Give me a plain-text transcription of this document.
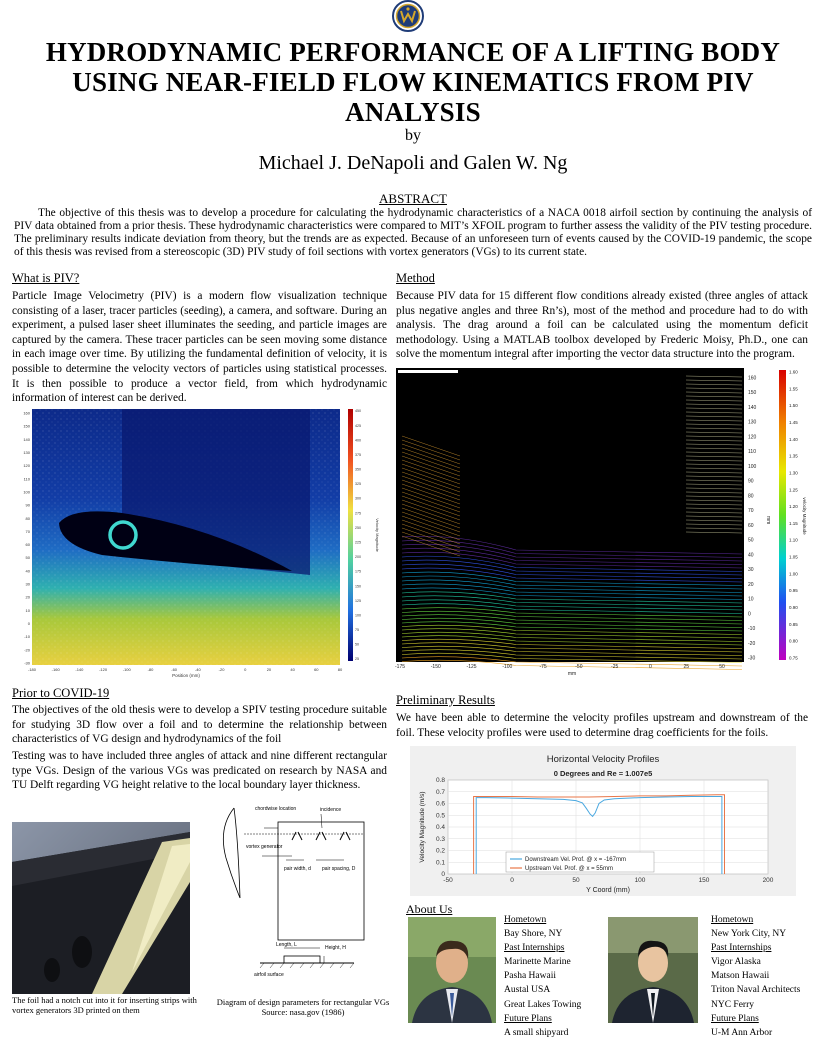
HYDRODYNAMIC PERFORMANCE OF A LIFTING BODY USING NEAR-FIELD FLOW KINEMATICS FROM PIV ANALYSIS
by
Michael J. DeNapoli and Galen W. Ng
ABSTRACT
The objective of this thesis was to develop a procedure for calculating the hydrodynamic characteristics of a NACA 0018 airfoil section by continuing the analysis of PIV data obtained from a prior thesis. These hydrodynamic characteristics were compared to MIT’s XFOIL program to further assess the validity of the PIV testing procedure. The preliminary results indicate deviation from theory, but the trends are as expected. Because of an unforeseen turn of events caused by the COVID-19 pandemic, the scope of this thesis was revised from a stereoscopic (3D) PIV study of foil sections with vortex generators (VGs) to its current state.
What is PIV?
Particle Image Velocimetry (PIV) is a modern flow visualization technique consisting of a laser, tracer particles (seeding), a camera, and software. During an experiment, a pulsed laser sheet illuminates the seeding, and particle images are captured by the camera. These tracer particles can be seen moving some distance in each image over time. By utilizing the fundamental definition of velocity, it is possible to determine the velocity vectors of particles using statistical processes. It is then possible to produce a vector field, from which hydrodynamic information of interest can be derived.
Method
Because PIV data for 15 different flow conditions already existed (three angles of attack plus negative angles and three Rn’s), most of the method and procedure had to do with analysis. The drag around a foil can be calculated using the momentum deficit methodology. Using a MATLAB toolbox developed by Frederic Moisy, Ph.D., one can solve the momentum integral after importing the vector data structure into the program.
160
150
140
130
120
110
100
90
80
70
60
50
40
30
20
10
0
-10
-20
-30
-180	-160	-140	-120	-100	-80	-60	-40	-20	0	20	40	60	80
Position (mm)
450
425
400
375
350
325
300
275
250
225
200
175
150
125
100
75
50
25
Velocity Magnitude
160
150
140
130
120
110
100
90
80
70
60
50
40
30
20
10
0
-10
-20
-30
-175	-150	-125	-100	-75	-50	-25	0	25	50
mm
mm
1.60
1.55
1.50
1.45
1.40
1.35
1.30
1.25
1.20
1.15
1.10
1.05
1.00
0.95
0.90
0.85
0.80
0.75
velocity Magnitude
Prior to COVID-19
The objectives of the old thesis were to develop a SPIV testing procedure suitable for studying 3D flow over a foil and to determine the relationship between characteristics of VG design and hydrodynamics of the foil
Testing was to have included three angles of attack and nine different rectangular type VGs. Design of the various VGs was predicated on research by NASA and TU Delft regarding VG height relative to the local boundary layer thickness.
The foil had a notch cut into it for inserting strips with vortex generators 3D printed on them
chordwise location	incidence
vortex generator
pair width, d pair spacing, D
Length, L	Height, H
airfoil surface
Diagram of design parameters for rectangular VGs
Source: nasa.gov (1986)
Preliminary Results
We have been able to determine the velocity profiles upstream and downstream of the foil. These velocity profiles were used to determine drag coefficients for the foils.
Horizontal Velocity Profiles
0 Degrees and Re = 1.007e5
-50	0	50	100	150	200
0
0.1
0.2
0.3
0.4
0.5
0.6
0.7
0.8
Y Coord (mm)
Velocity Magnitude (m/s)	Downstream Vel. Prof. @ x = -167mm
Upstream Vel. Prof. @ x = 55mm
About Us
Hometown
Bay Shore, NY
Past Internships
Marinette Marine
Pasha Hawaii
Austal USA
Great Lakes Towing
Future Plans
A small shipyard
Hometown
New York City, NY
Past Internships
Vigor Alaska
Matson Hawaii
Triton Naval Architects
NYC Ferry
Future Plans
U-M Ann Arbor
